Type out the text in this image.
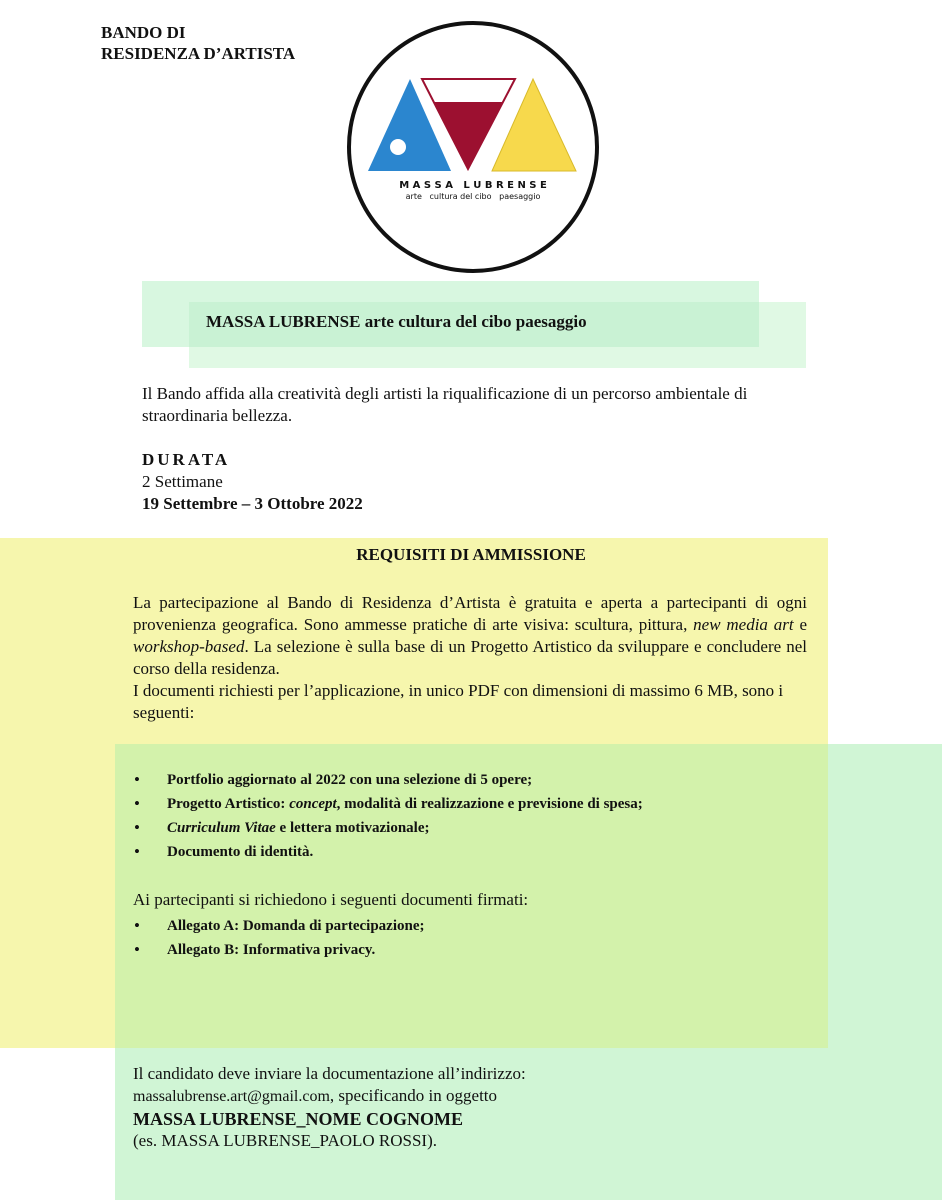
BANDO DI
RESIDENZA D’ARTISTA
M A S S A   L U B R E N S E
arte   cultura del cibo   paesaggio
MASSA LUBRENSE arte cultura del cibo paesaggio
Il Bando affida alla creatività degli artisti la riqualificazione di un percorso ambientale di straordinaria bellezza.
DURATA
2 Settimane
19 Settembre – 3 Ottobre 2022
REQUISITI DI AMMISSIONE
La partecipazione al Bando di Residenza d’Artista è gratuita e aperta a partecipanti di ogni provenienza geografica. Sono ammesse pratiche di arte visiva: scultura, pittura, new media art e workshop-based. La selezione è sulla base di un Progetto Artistico da sviluppare e concludere nel corso della residenza.
I documenti richiesti per l’applicazione, in unico PDF con dimensioni di massimo 6 MB, sono i seguenti:
• Portfolio aggiornato al 2022 con una selezione di 5 opere;
• Progetto Artistico: concept, modalità di realizzazione e previsione di spesa;
• Curriculum Vitae e lettera motivazionale;
• Documento di identità.
Ai partecipanti si richiedono i seguenti documenti firmati:
• Allegato A: Domanda di partecipazione;
• Allegato B: Informativa privacy.
Il candidato deve inviare la documentazione all’indirizzo:
massalubrense.art@gmail.com, specificando in oggetto
MASSA LUBRENSE_NOME COGNOME
(es. MASSA LUBRENSE_PAOLO ROSSI).
